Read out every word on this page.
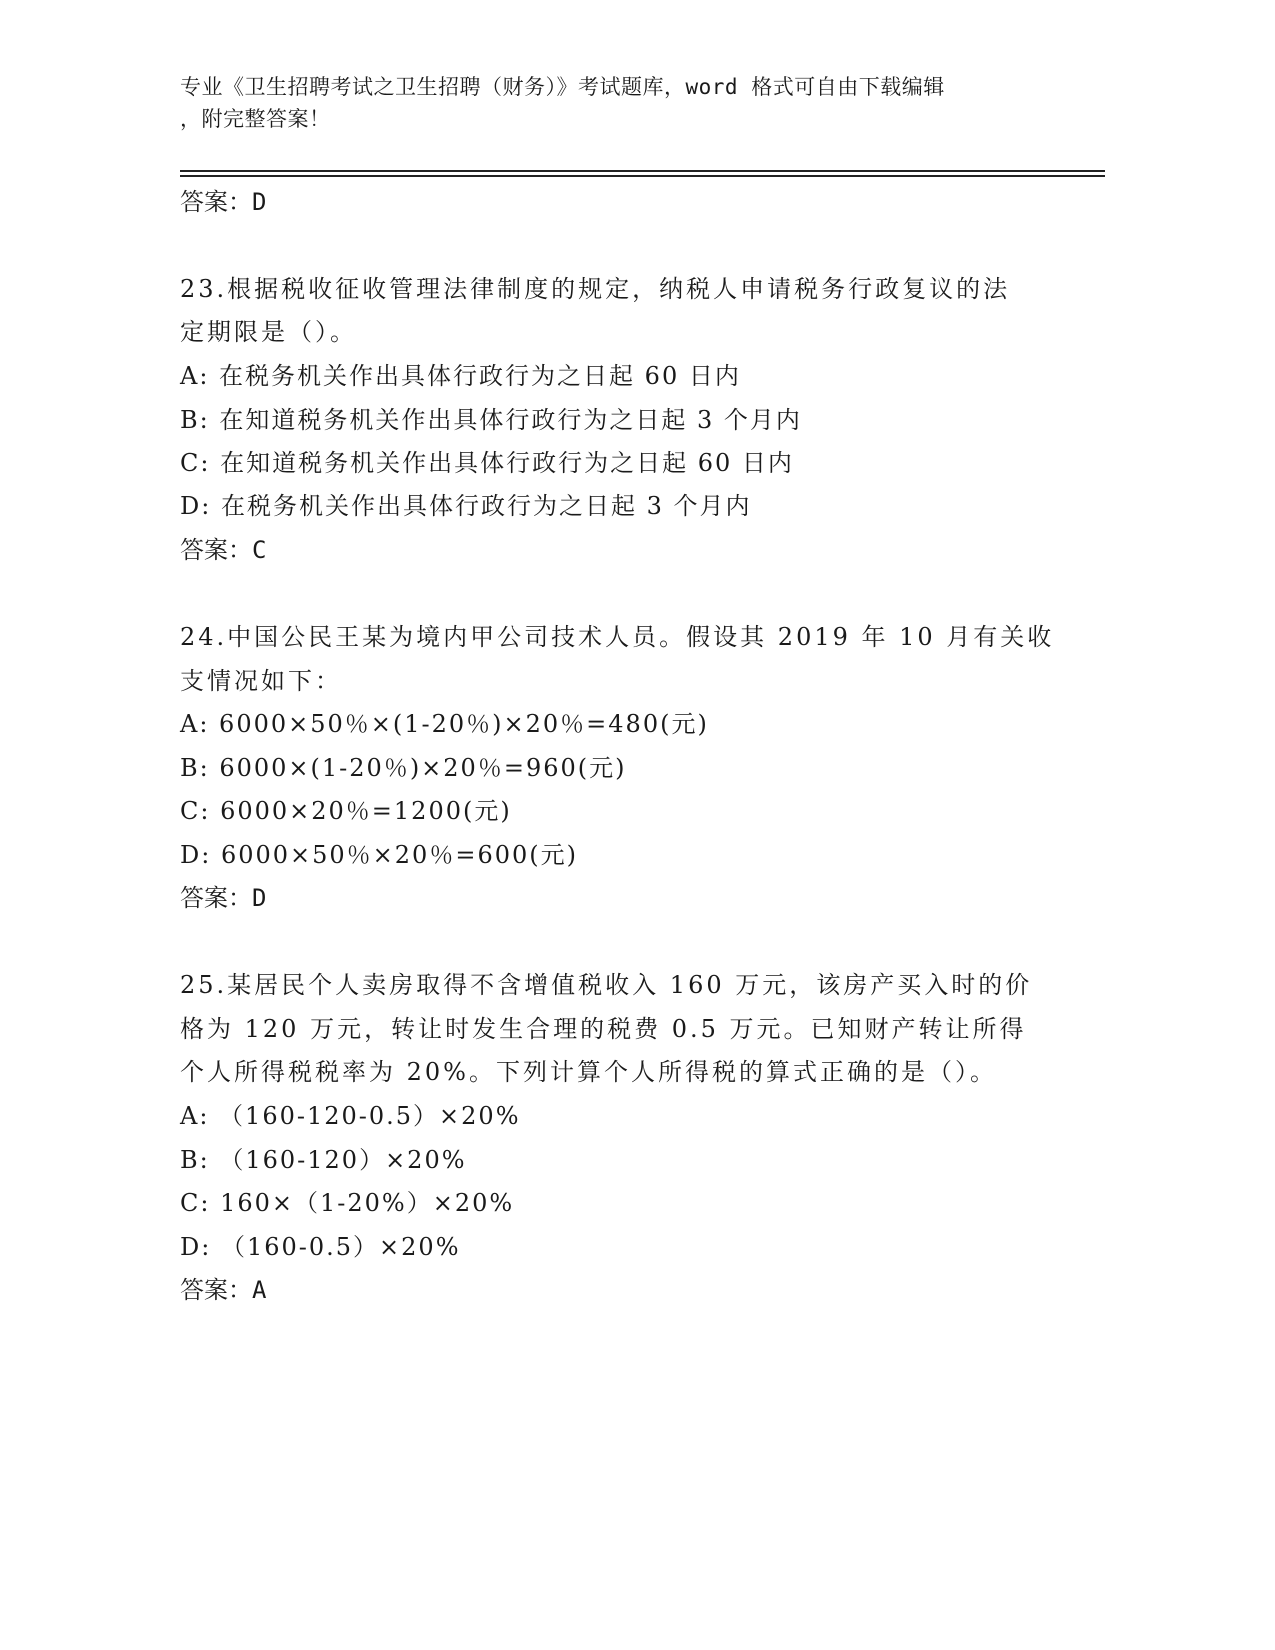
专业《卫生招聘考试之卫生招聘（财务）》考试题库，word 格式可自由下载编辑
，附完整答案！
答案：D
23.根据税收征收管理法律制度的规定，纳税人申请税务行政复议的法
定期限是（）。
A: 在税务机关作出具体行政行为之日起 60 日内
B: 在知道税务机关作出具体行政行为之日起 3 个月内
C: 在知道税务机关作出具体行政行为之日起 60 日内
D: 在税务机关作出具体行政行为之日起 3 个月内
答案：C
24.中国公民王某为境内甲公司技术人员。假设其 2019 年 10 月有关收
支情况如下：
A: 6000×50％×(1-20％)×20％=480(元)
B: 6000×(1-20％)×20％=960(元)
C: 6000×20％=1200(元)
D: 6000×50％×20％=600(元)
答案：D
25.某居民个人卖房取得不含增值税收入 160 万元，该房产买入时的价
格为 120 万元，转让时发生合理的税费 0.5 万元。已知财产转让所得
个人所得税税率为 20%。下列计算个人所得税的算式正确的是（）。
A: （160-120-0.5）×20%
B: （160-120）×20%
C: 160×（1-20%）×20%
D: （160-0.5）×20%
答案：A
